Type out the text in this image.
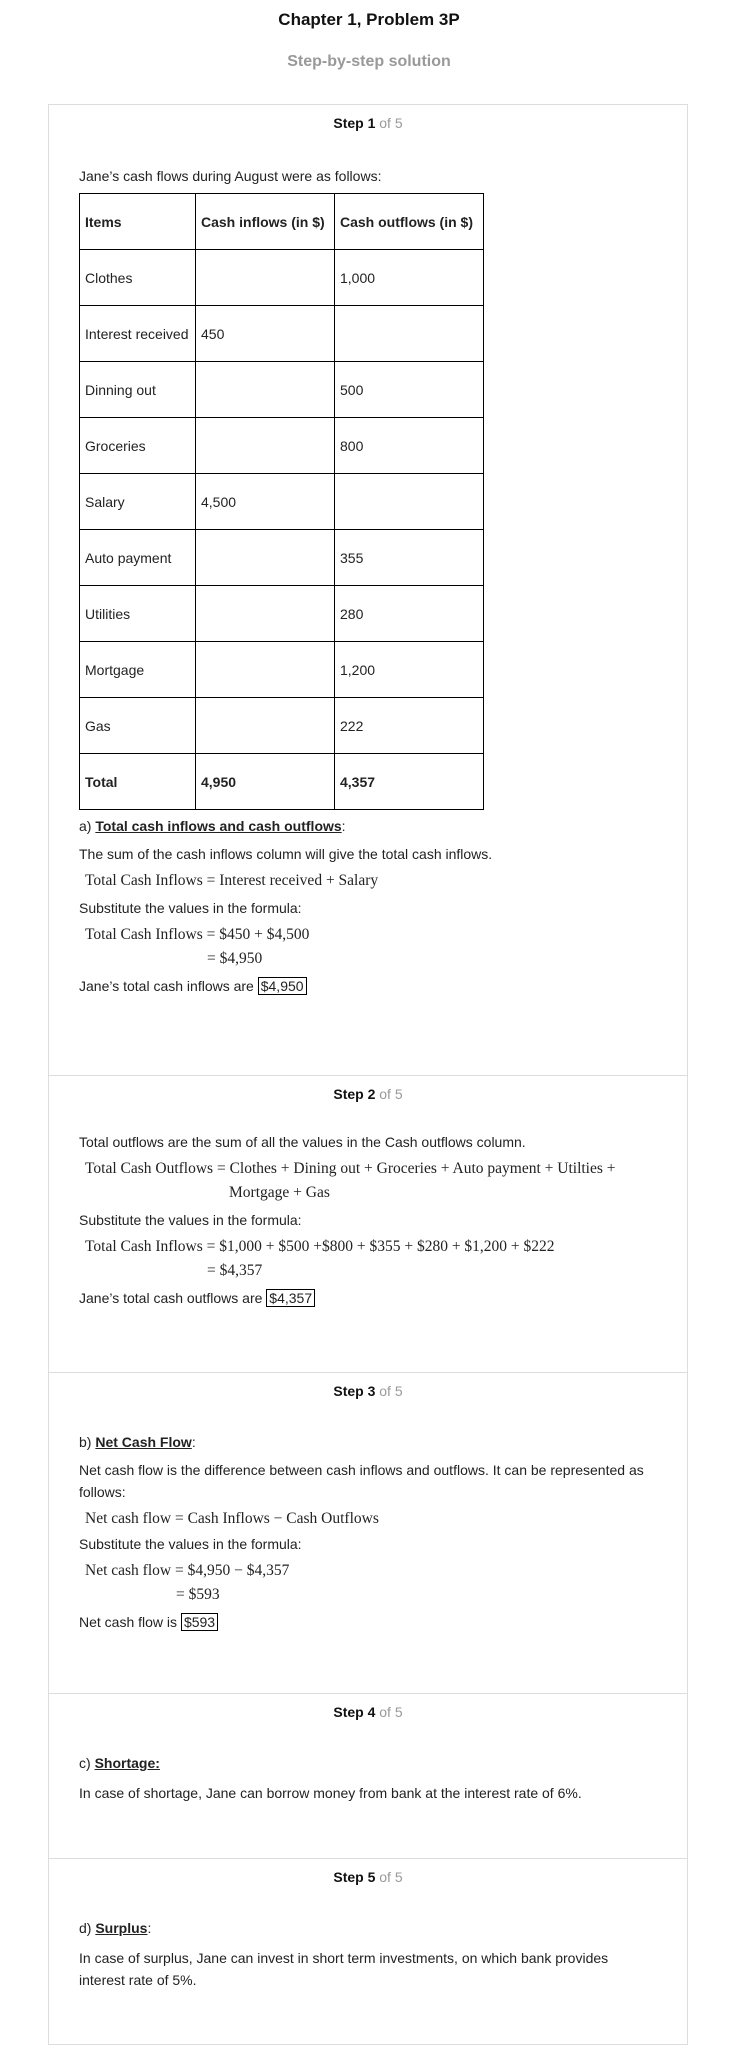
Chapter 1, Problem 3P
Step-by-step solution
Step 1 of 5

Jane’s cash flows during August were as follows:

Items	Cash inflows (in $)	Cash outflows (in $)
Clothes		1,000
Interest received	450	
Dinning out		500
Groceries		800
Salary	4,500	
Auto payment		355
Utilities		280
Mortgage		1,200
Gas		222
Total	4,950	4,357

a) Total cash inflows and cash outflows:

The sum of the cash inflows column will give the total cash inflows.

Total Cash Inflows = Interest received + Salary

Substitute the values in the formula:

Total Cash Inflows = $450 + $4,500

= $4,950

Jane’s total cash inflows are $4,950

Step 2 of 5

Total outflows are the sum of all the values in the Cash outflows column.

Total Cash Outflows = Clothes + Dining out + Groceries + Auto payment + Utilties +

Mortgage + Gas

Substitute the values in the formula:

Total Cash Inflows = $1,000 + $500 +$800 + $355 + $280 + $1,200 + $222

= $4,357

Jane’s total cash outflows are $4,357

Step 3 of 5

b) Net Cash Flow:

Net cash flow is the difference between cash inflows and outflows. It can be represented as follows:

Net cash flow = Cash Inflows − Cash Outflows

Substitute the values in the formula:

Net cash flow = $4,950 − $4,357

= $593

Net cash flow is $593

Step 4 of 5

c) Shortage:

In case of shortage, Jane can borrow money from bank at the interest rate of 6%.

Step 5 of 5

d) Surplus:

In case of surplus, Jane can invest in short term investments, on which bank provides interest rate of 5%.
